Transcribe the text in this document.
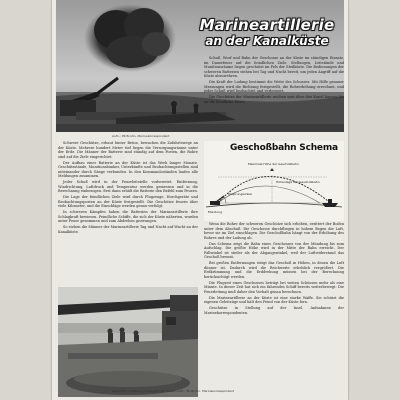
Marineartillerie
an der Kanalküste
Aufn.: PK Bruhn, Marinekorrespondent

Schuß, Wurf und Bahn der Geschosse an der Küste im ständigen Einsatz, im Dauerfeuer auf die feindlichen Ziele. Stellungen, Leitstände und Munitionsräume liegen geschützt im Fels der Steilküste. Die Bedienungen der schweren Batterien stehen bei Tag und Nacht bereit, um jeden Angriff auf die Küste abzuwehren.

Die Kraft der Ladung bestimmt die Weite des Schusses. Mit Hilfe genauer Messungen wird die Richtung festgestellt, die Rohrerhöhung errechnet, und jeder Schuß wird beobachtet und verbessert.

Die Geschütze der Marineartillerie reichen weit über den Kanal hinweg bis an die feindliche Küste.

Schwere Geschütze, erbaut hinter Beton, bewachen die Zufahrtswege an der Küste. Mehrere hundert Meter tief liegen die Versorgungsräume unter der Erde. Die Männer der Batterie sind ständig auf dem Posten, die Rohre sind auf die Ziele eingerichtet.

Der Aufbau einer Batterie an der Küste ist das Werk langer Monate. Geschützstände, Munitionsbunker, Unterkünfte und Beobachtungsstellen sind miteinander durch Gänge verbunden. In den Kommandoständen laufen alle Meldungen zusammen.

Jeder Schuß wird in der Feuerleitstelle vorbereitet. Entfernung, Windrichtung, Luftdruck und Temperatur werden gemessen und in die Berechnung einbezogen. Erst dann erhält die Batterie den Befehl zum Feuern.

Die Lage der feindlichen Ziele wird durch Flugzeuge, Horchgeräte und Beobachtungsposten an der Küste festgestellt. Die Geschütze feuern über viele Kilometer, und die Einschläge werden genau verfolgt.

In schweren Kämpfen haben die Batterien der Marineartillerie ihre Schlagkraft bewiesen. Feindliche Schiffe, die sich der Küste näherten, wurden unter Feuer genommen und zum Abdrehen gezwungen.

So stehen die Männer der Marineartillerie Tag und Nacht auf Wacht an der Kanalküste.

Geschoßbahn Schema
Maximale Höhe der Geschoßbahn
Höhenlage der Geschoßbahn
Absprungwinkel
Mündung

Wenn die Rohre der schweren Geschütze sich erheben, erzittert der Boden unter dem Abschuß. Die Geschosse durchfliegen in hohem Bogen die Luft, bevor sie im Ziel einschlagen. Die Geschoßbahn hängt von der Erhöhung des Rohres und der Ladung ab.

Das Schema zeigt die Bahn eines Geschosses von der Mündung bis zum Aufschlag. Die größte Höhe wird in der Mitte der Bahn erreicht. Der Fallwinkel ist steiler als der Abgangswinkel, weil der Luftwiderstand das Geschoß bremst.

Bei großen Entfernungen steigt das Geschoß in Höhen, in denen die Luft dünner ist. Dadurch wird die Reichweite erheblich vergrößert. Die Erdkrümmung und die Erddrehung müssen bei der Berechnung berücksichtigt werden.

Die Flugzeit eines Geschosses beträgt bei weiten Schüssen mehr als eine Minute. In dieser Zeit hat sich ein fahrendes Schiff bereits weiterbewegt. Die Feuerleitung muß daher den Vorhalt genau berechnen.

Die Marineartillerie an der Küste ist eine starke Waffe. Sie schützt die eigenen Geleitzüge und hält den Feind von der Küste fern.

Geschütze in Stellung auf der Insel, Aufnahmen der Marinekorrespondenten.

Geschütz in Stellung auf einem der Inseln, Aufn.: PK Bruhn, Marinekorrespondent
